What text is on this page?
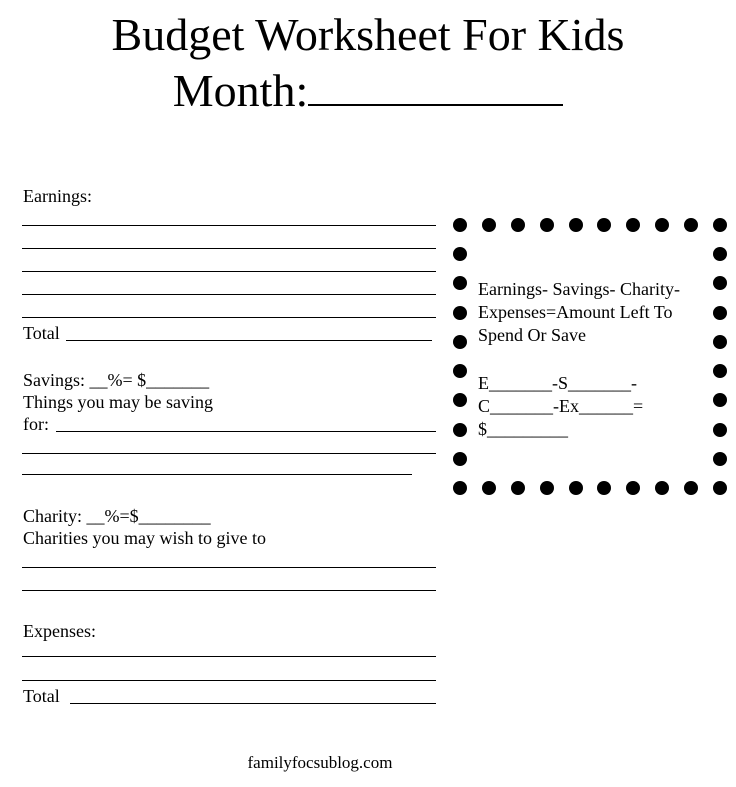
Budget Worksheet For Kids
Month:
Earnings:
Total
Savings: __%= $_______
Things you may be saving
for:
Charity: __%=$________
Charities you may wish to give to
Expenses:
Total
Earnings- Savings- Charity-
Expenses=Amount Left To
Spend Or Save
E_______-S_______-
C_______-Ex______=
$_________
familyfocsublog.com
